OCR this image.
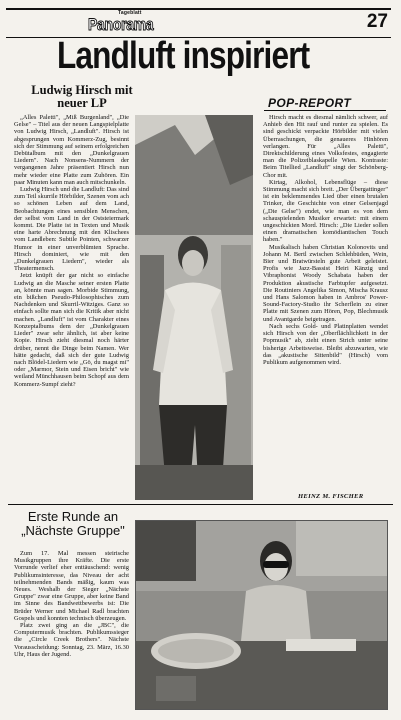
Tageblatt
Panorama	27
Landluft inspiriert
Ludwig Hirsch mit neuer LP	POP-REPORT

„Alles Paletti", „Miß Burgenland", „Die Gelse" – Titel aus der neuen Langspielplatte von Ludwig Hirsch, „Landluft". Hirsch ist abgesprungen vom Kommerz-Zug, besinnt sich der Stimmung auf seinem erfolgreichen Debütalbum mit den „Dunkelgrauen Liedern". Nach Nonsens-Nummern der vergangenen Jahre präsentiert Hirsch nun mehr wieder eine Platte zum Zuhören. Ein paar Minuten kann man auch mitschunkeln.

Ludwig Hirsch und die Landluft: Das sind zum Teil skurrile Hörbilder, Szenen vom ach so schönen Leben auf dem Land, Beobachtungen eines sensiblen Menschen, der selbst vom Land in der Oststeiermark kommt. Die Platte ist in Texten und Musik eine harte Abrechnung mit den Klischees vom Landleben: Subtile Pointen, schwarzer Humor in einer unverblümten Sprache. Hirsch dominiert, wie mit den „Dunkelgrauen Liedern", wieder als Theatermensch.

Jetzt knüpft der gar nicht so einfache Ludwig an die Masche seiner ersten Platte an, könnte man sagen. Morbide Stimmung, ein bißchen Pseudo-Philosophisches zum Nachdenken und Skurril-Witziges. Ganz so einfach sollte man sich die Kritik aber nicht machen. „Landluft" ist vom Charakter eines Konzeptalbums dem der „Dunkelgrauen Lieder" zwar sehr ähnlich, ist aber keine Kopie. Hirsch zieht diesmal noch härter drüber, nennt die Dinge beim Namen. Wer hätte gedacht, daß sich der gute Ludwig nach Blödel-Liedern wie „Gö, du magst mi" oder „Marmor, Stein und Eisen bricht" wie weiland Münchhausen beim Schopf aus dem Kommerz-Sumpf zieht?

Hirsch macht es diesmal nämlich schwer, auf Anhieb den Hit rauf und runter zu spielen. Es sind geschickt verpackte Hörbilder mit vielen Überraschungen, die genaueres Hinhören verlangen. Für „Alles Paletti", Direktschilderung eines Volksfestes, engagierte man die Polizeiblaskapelle Wien. Kontraste: Beim Titellied „Landluft" singt der Schönberg-Chor mit.

Kirtag, Alkohol, Lebensflüge – diese Stimmung macht sich breit. „Der Übergattinger" ist ein beklemmendes Lied über einen brutalen Trinker, die Geschichte von einer Gelsenjagd („Die Gelse") endet, wie man es von dem schauspielenden Musiker erwartet: mit einem ungeschickten Mord. Hirsch: „Die Lieder sollen einen dramatischen komödiantischen Touch haben."

Musikalisch haben Christian Kolonovits und Johann M. Bertl zwischen Schlehbüden, Wein, Bier und Bratwürsteln gute Arbeit geleistet. Profis wie Jazz-Bassist Heiri Känzig und Vibraphonist Woody Schabata haben der Produktion akustische Farbtupfer aufgesetzt. Die Routiniers Angelika Simon, Mischa Krausz und Hans Salomon haben in Ambros' Power-Sound-Factory-Studio ihr Scherflein zu einer Platte mit Szenen zum Hören, Pop, Blechmusik und Avantgarde beigetragen.

Nach sechs Gold- und Platinplatten wendet sich Hirsch von der „Oberflächlichkeit in der Popmusik" ab, zieht einen Strich unter seine bisherige Arbeitsweise. Bleibt abzuwarten, wie das „akustische Sittenbild" (Hirsch) vom Publikum aufgenommen wird.

HEINZ M. FISCHER
Erste Runde an „Nächste Gruppe"

Zum 17. Mal messen steirische Musikgruppen ihre Kräfte. Die erste Vorrunde verlief eher enttäuschend: wenig Publikumsinteresse, das Niveau der acht teilnehmenden Bands mäßig, kaum was Neues. Weshalb der Sieger „Nächste Gruppe" zwar eine Gruppe, aber keine Band im Sinne des Bandwettbewerbs ist: Die Brüder Werner und Michael Radl brachten Gospels und konnten technisch überzeugen.

Platz zwei ging an die „JBC", die Computermusik brachten. Publikumssieger die „Circle Creek Brothers". Nächste Vorausscheidung: Sonntag, 23. März, 16.30 Uhr, Haus der Jugend.
